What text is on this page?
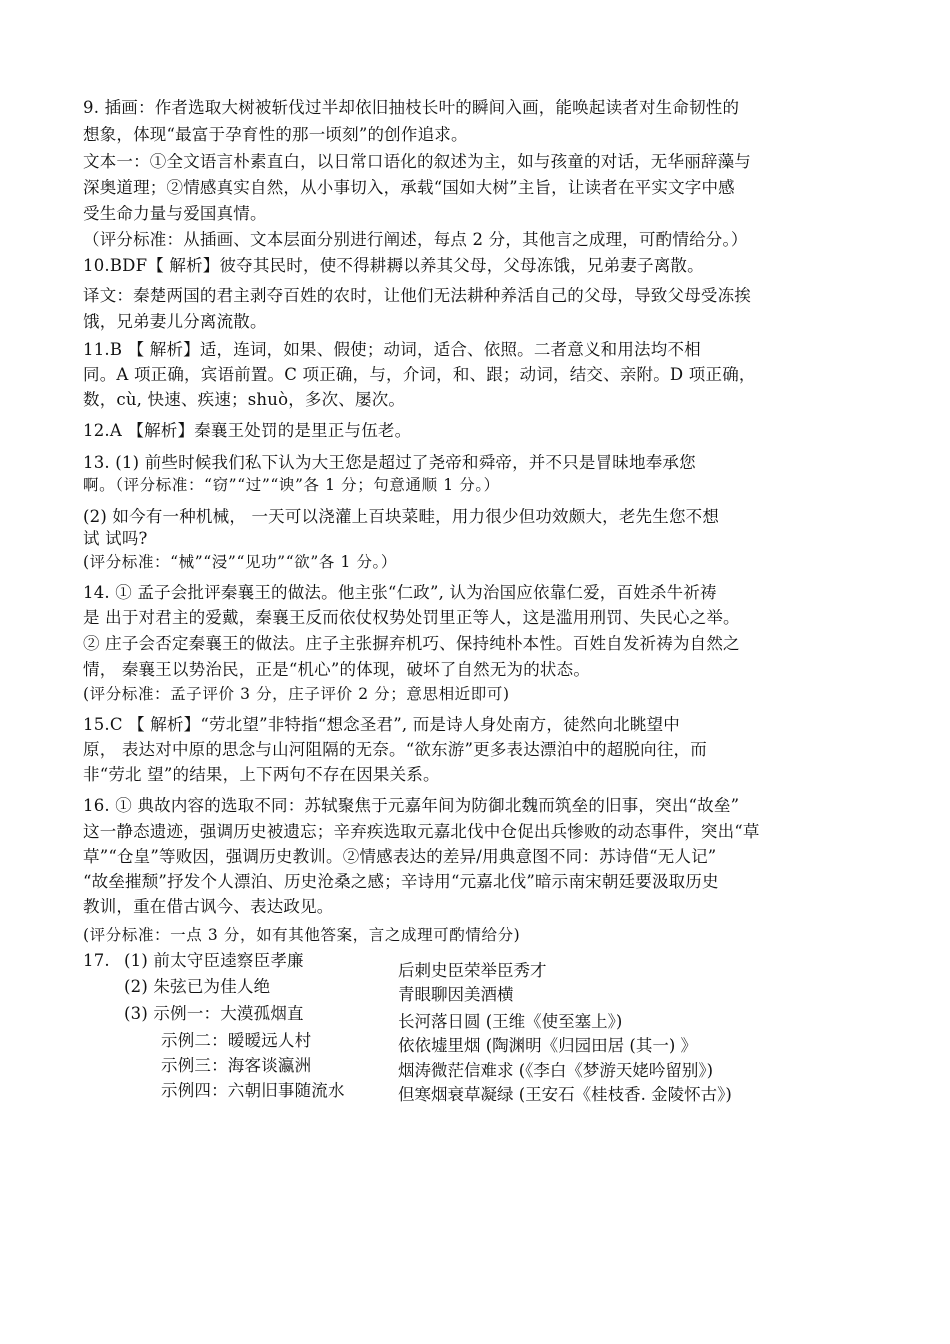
9. 插画：作者选取大树被斩伐过半却依旧抽枝长叶的瞬间入画，能唤起读者对生命韧性的
想象，体现“最富于孕育性的那一顷刻”的创作追求。
文本一：①全文语言朴素直白，以日常口语化的叙述为主，如与孩童的对话，无华丽辞藻与
深奥道理；②情感真实自然，从小事切入，承载“国如大树”主旨，让读者在平实文字中感
受生命力量与爱国真情。
（评分标准：从插画、文本层面分别进行阐述，每点 2 分，其他言之成理，可酌情给分。）
10.BDF【 解析】彼夺其民时，使不得耕耨以养其父母，父母冻饿，兄弟妻子离散。
译文：秦楚两国的君主剥夺百姓的农时，让他们无法耕种养活自己的父母，导致父母受冻挨
饿，兄弟妻儿分离流散。
11.B 【 解析】适，连词，如果、假使；动词，适合、依照。二者意义和用法均不相
同。A 项正确，宾语前置。C 项正确，与，介词，和、跟；动词，结交、亲附。D 项正确，
数，cù, 快速、疾速；shuò，多次、屡次。
12.A 【解析】秦襄王处罚的是里正与伍老。
13. (1) 前些时候我们私下认为大王您是超过了尧帝和舜帝，并不只是冒昧地奉承您
啊。（评分标准：“窃”“过”“谀”各 1 分；句意通顺 1 分。）
(2) 如今有一种机械， 一天可以浇灌上百块菜畦，用力很少但功效颇大，老先生您不想
试 试吗?
(评分标准：“械”“浸”“见功”“欲”各 1 分。）
14. ① 孟子会批评秦襄王的做法。他主张“仁政”, 认为治国应依靠仁爱，百姓杀牛祈祷
是 出于对君主的爱戴，秦襄王反而依仗权势处罚里正等人，这是滥用刑罚、失民心之举。
② 庄子会否定秦襄王的做法。庄子主张摒弃机巧、保持纯朴本性。百姓自发祈祷为自然之
情， 秦襄王以势治民，正是“机心”的体现，破坏了自然无为的状态。
(评分标准：孟子评价 3 分，庄子评价 2 分；意思相近即可)
15.C 【 解析】“劳北望”非特指“想念圣君”, 而是诗人身处南方，徒然向北眺望中
原， 表达对中原的思念与山河阻隔的无奈。“欲东游”更多表达漂泊中的超脱向往，而
非“劳北 望”的结果，上下两句不存在因果关系。
16. ① 典故内容的选取不同：苏轼聚焦于元嘉年间为防御北魏而筑垒的旧事，突出“故垒”
这一静态遗迹，强调历史被遗忘；辛弃疾选取元嘉北伐中仓促出兵惨败的动态事件，突出“草
草”“仓皇”等败因，强调历史教训。②情感表达的差异/用典意图不同：苏诗借“无人记”
“故垒摧颓”抒发个人漂泊、历史沧桑之感；辛诗用“元嘉北伐”暗示南宋朝廷要汲取历史
教训，重在借古讽今、表达政见。
(评分标准：一点 3 分，如有其他答案，言之成理可酌情给分)
17. (1) 前太守臣逵察臣孝廉
(2) 朱弦已为佳人绝
(3) 示例一：大漠孤烟直
示例二：暧暧远人村
示例三：海客谈瀛洲
示例四：六朝旧事随流水
后刺史臣荣举臣秀才
青眼聊因美酒横
长河落日圆 (王维《使至塞上》)
依依墟里烟 (陶渊明《归园田居 (其一) 》
烟涛微茫信难求 (《李白《梦游天姥吟留别》)
但寒烟衰草凝绿 (王安石《桂枝香. 金陵怀古》)
